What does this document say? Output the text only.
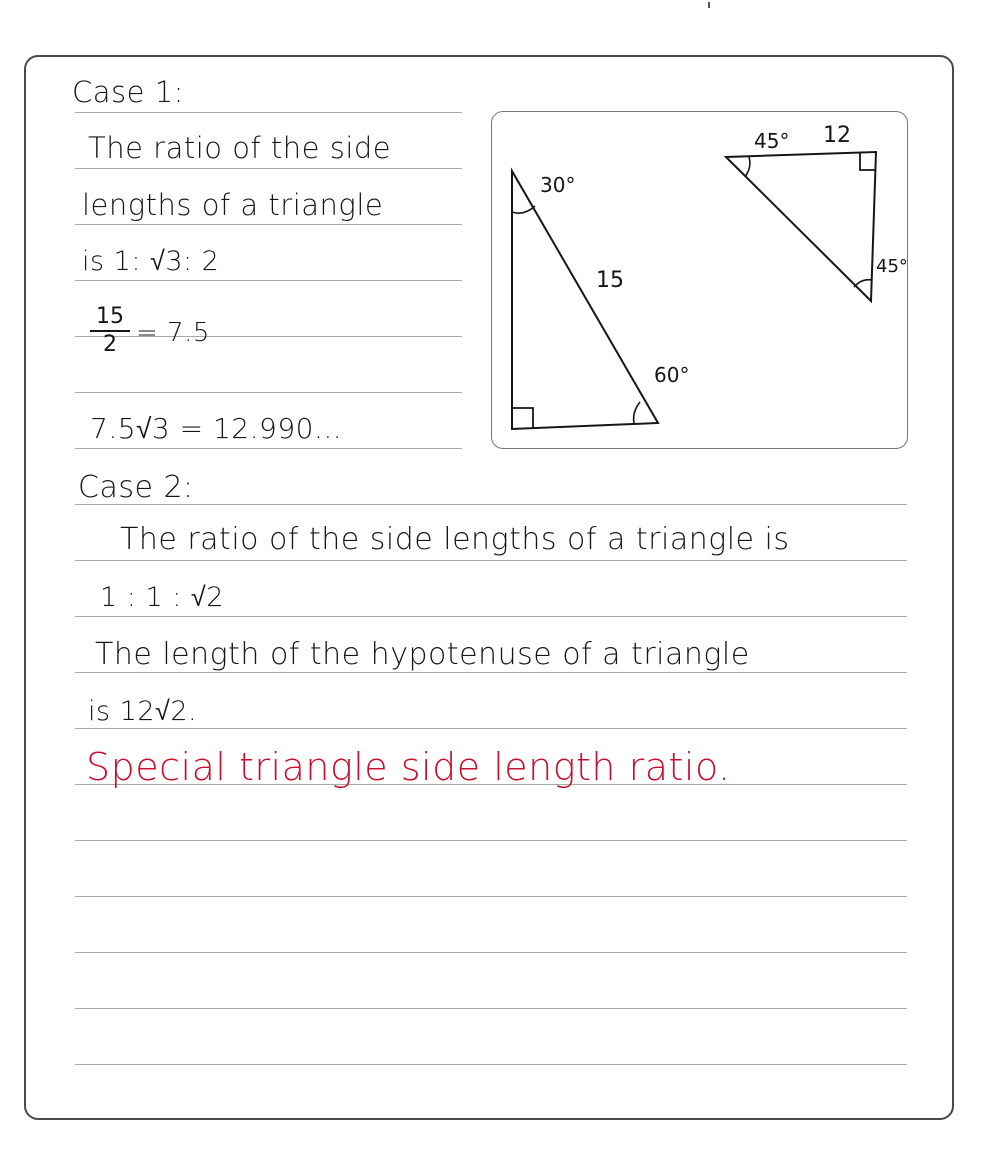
Case 1:
The ratio of the side
lengths of a triangle
is 1: √3: 2
15
2 = 7.5
7.5√3 = 12.990...
30°
15
60°
45° 12
45°
Case 2:
The ratio of the side lengths of a triangle is
1 : 1 : √2
The length of the hypotenuse of a triangle
is 12√2.
Special triangle side length ratio.
